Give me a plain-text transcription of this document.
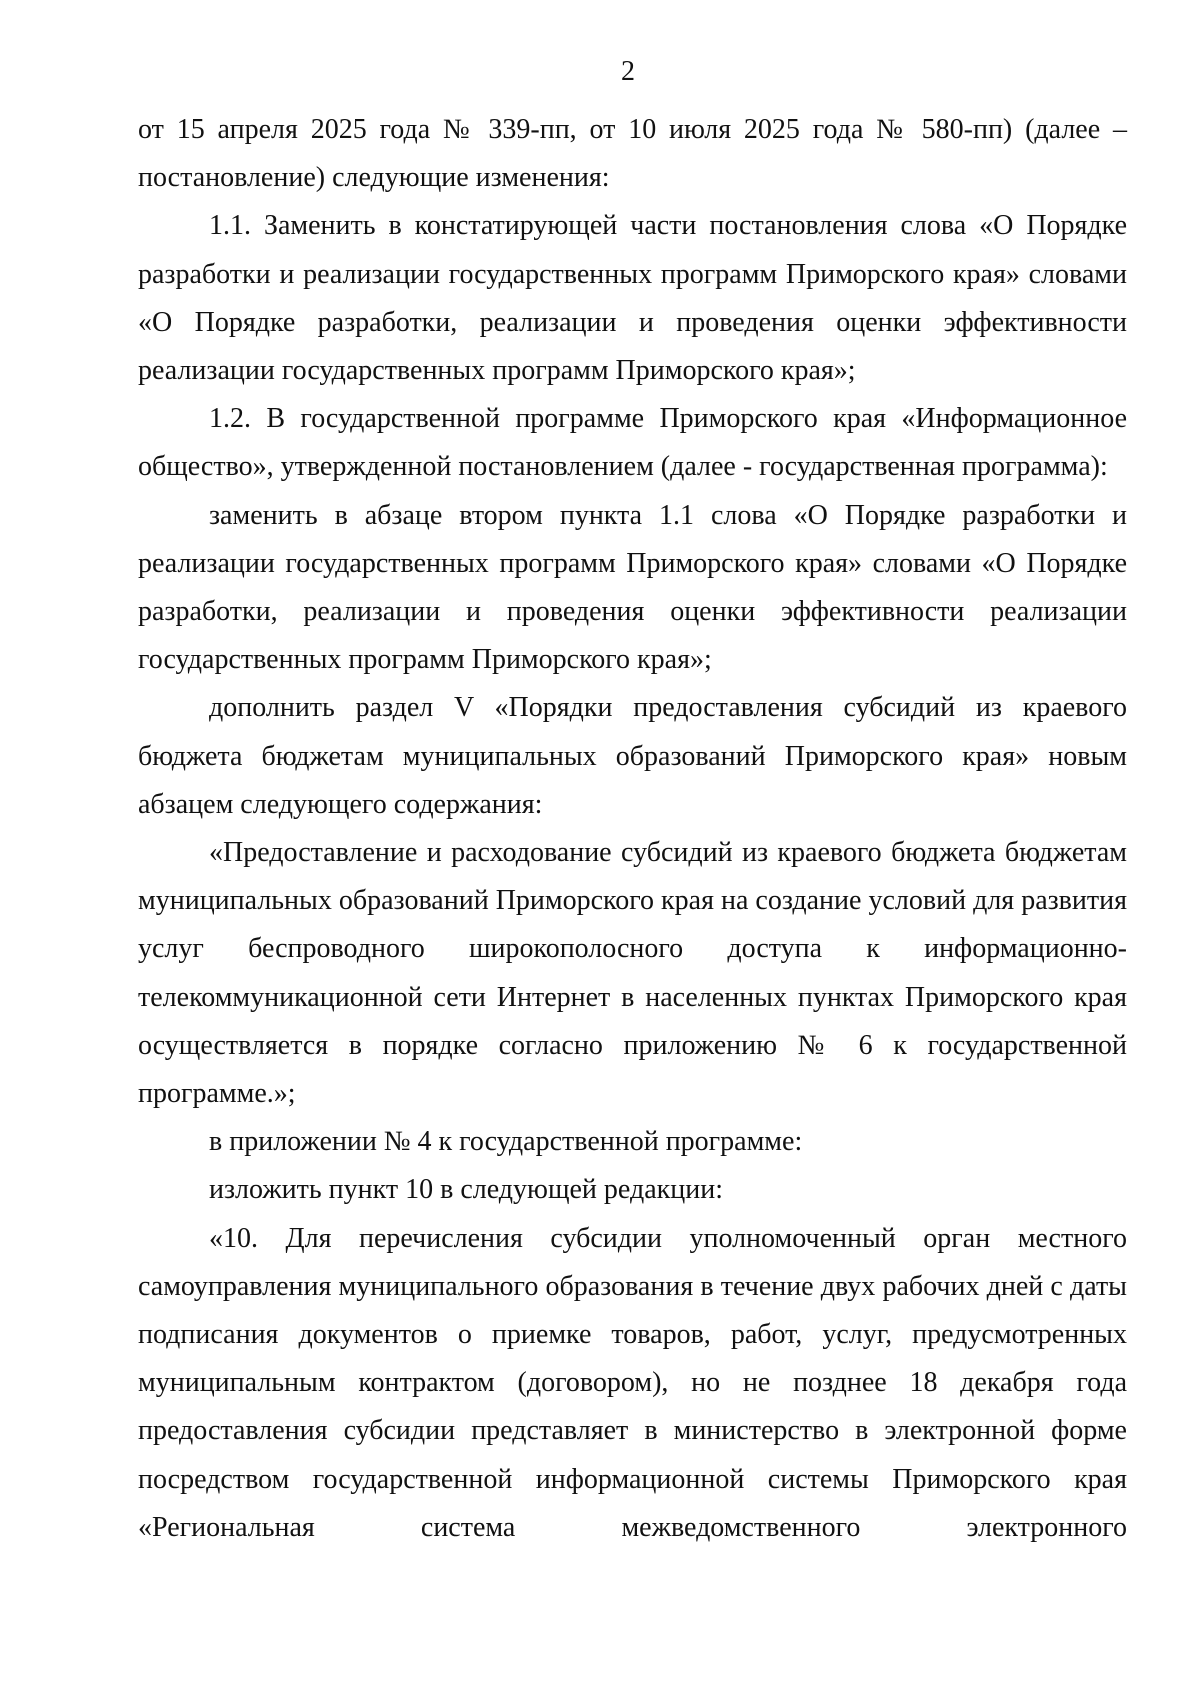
2

от 15 апреля 2025 года № 339-пп, от 10 июля 2025 года № 580-пп) (далее – постановление) следующие изменения:

1.1. Заменить в констатирующей части постановления слова «О Порядке разработки и реализации государственных программ Приморского края» словами «О Порядке разработки, реализации и проведения оценки эффективности реализации государственных программ Приморского края»;

1.2. В государственной программе Приморского края «Информационное общество», утвержденной постановлением (далее - государственная программа):

заменить в абзаце втором пункта 1.1 слова «О Порядке разработки и реализации государственных программ Приморского края» словами «О Порядке разработки, реализации и проведения оценки эффективности реализации государственных программ Приморского края»;

дополнить раздел V «Порядки предоставления субсидий из краевого бюджета бюджетам муниципальных образований Приморского края» новым абзацем следующего содержания:

«Предоставление и расходование субсидий из краевого бюджета бюджетам муниципальных образований Приморского края на создание условий для развития услуг беспроводного широкополосного доступа к информационно-телекоммуникационной сети Интернет в населенных пунктах Приморского края осуществляется в порядке согласно приложению № 6 к государственной программе.»;

в приложении № 4 к государственной программе:

изложить пункт 10 в следующей редакции:

«10. Для перечисления субсидии уполномоченный орган местного самоуправления муниципального образования в течение двух рабочих дней с даты подписания документов о приемке товаров, работ, услуг, предусмотренных муниципальным контрактом (договором), но не позднее 18 декабря года предоставления субсидии представляет в министерство в электронной форме посредством государственной информационной системы Приморского края «Региональная система межведомственного электронного
